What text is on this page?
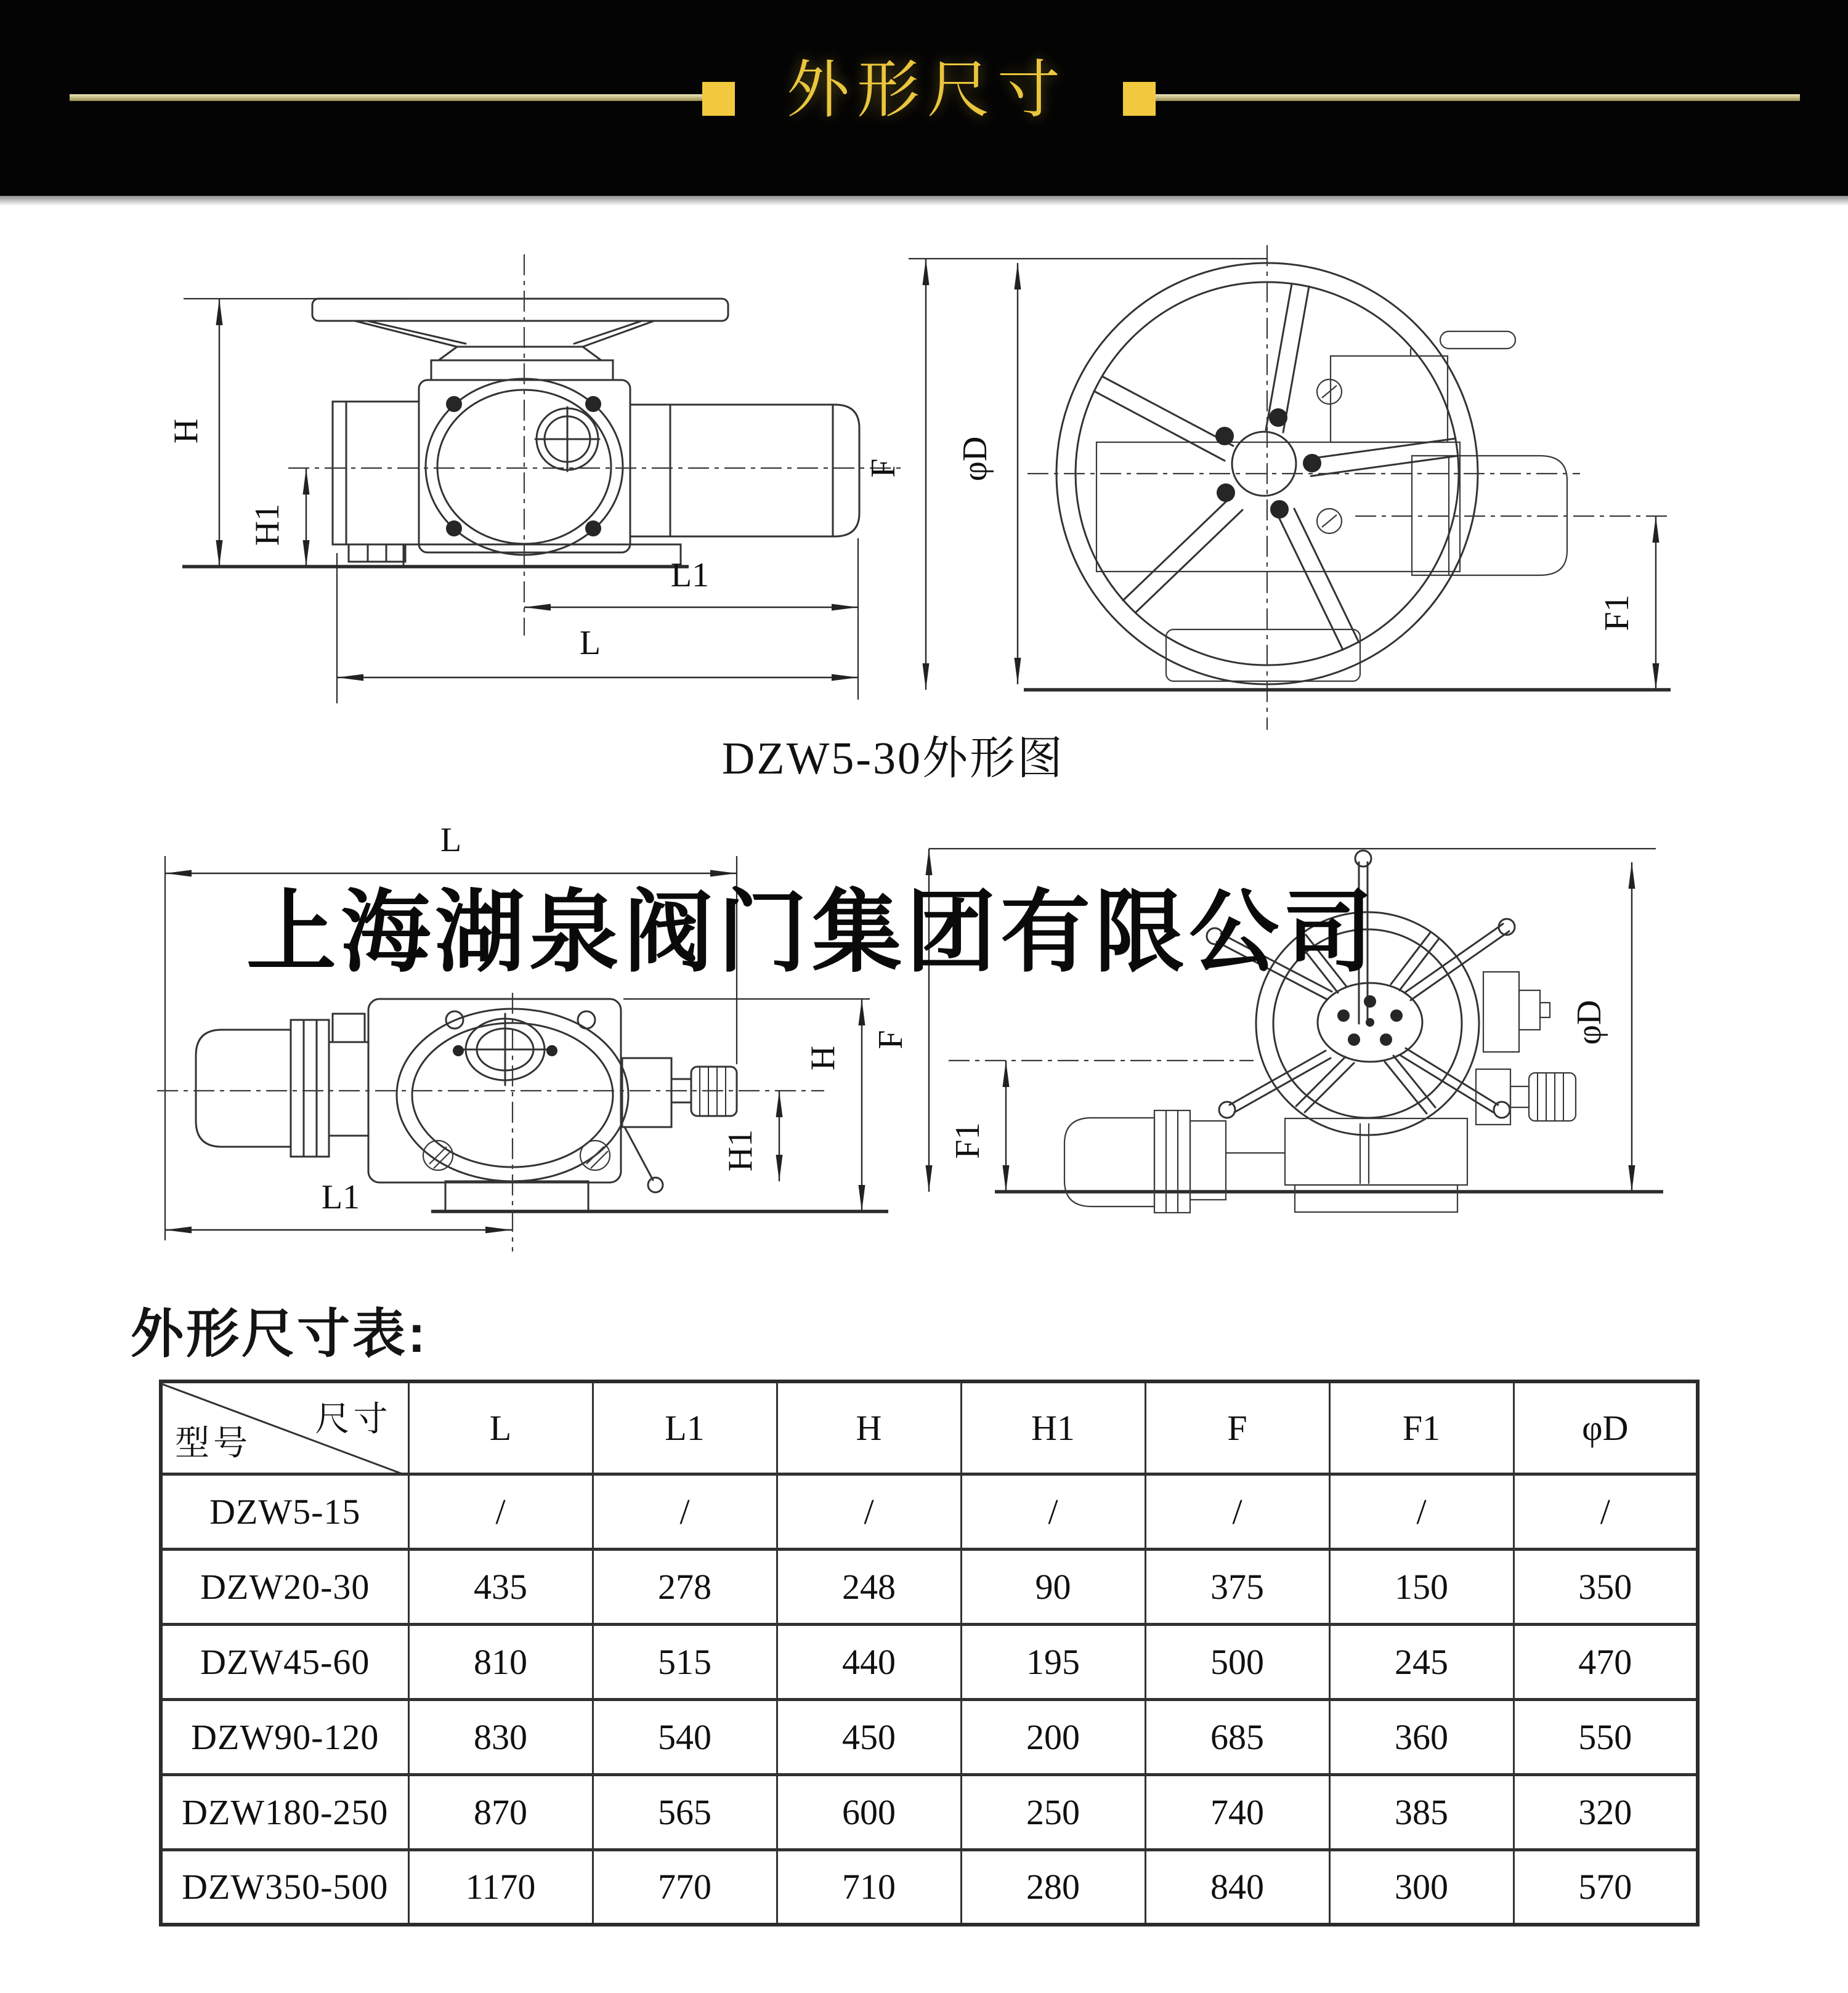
H
H1
L1
L
F φD
F1
L
H
H1
L1
F
F1
φD
外形尺寸
DZW5-30外形图
上海湖泉阀门集团有限公司
外形尺寸表:
尺寸
型号	L	L1	H	H1	F	F1	φD
DZW5-15	/	/	/	/	/	/	/
DZW20-30	435	278	248	90	375	150	350
DZW45-60	810	515	440	195	500	245	470
DZW90-120	830	540	450	200	685	360	550
DZW180-250	870	565	600	250	740	385	320
DZW350-500	1170	770	710	280	840	300	570
